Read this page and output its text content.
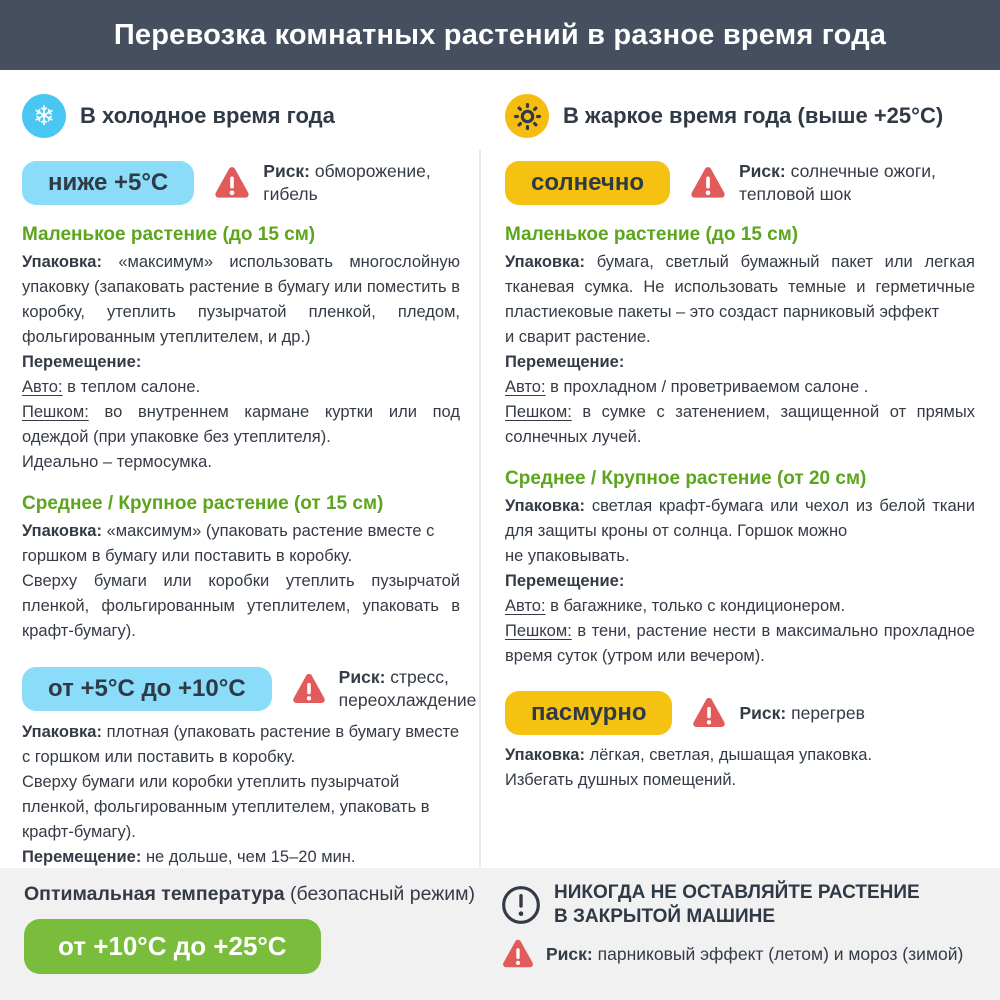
Перевозка комнатных растений в разное время года
❄ В холодное время года
ниже +5°C	Риск: обморожение, гибель
Маленькое растение (до 15 см)

Упаковка: «максимум» использовать многослойную упаковку (запаковать растение в бумагу или поместить в коробку, утеплить пузырчатой пленкой, пледом, фольгированным утеплителем, и др.)

Перемещение:

Авто: в теплом салоне.

Пешком: во внутреннем кармане куртки или под одеждой (при упаковке без утеплителя).

Идеально – термосумка.

Среднее / Крупное растение (от 15 см)

Упаковка: «максимум» (упаковать растение вместе с горшком в бумагу или поставить в коробку.

Сверху бумаги или коробки утеплить пузырчатой пленкой, фольгированным утеплителем, упаковать в крафт-бумагу).

от +5°C до +10°C	Риск: стресс,
переохлаждение

Упаковка: плотная (упаковать растение в бумагу вместе с горшком или поставить в коробку.

Сверху бумаги или коробки утеплить пузырчатой пленкой, фольгированным утеплителем, упаковать в крафт-бумагу).

Перемещение: не дольше, чем 15–20 мин.

В жаркое время года (выше +25°C)
солнечно	Риск: солнечные ожоги,
тепловой шок
Маленькое растение (до 15 см)

Упаковка: бумага, светлый бумажный пакет или легкая тканевая сумка. Не использовать темные и герметичные пластиековые пакеты – это создаст парниковый эффект

и сварит растение.

Перемещение:

Авто: в прохладном / проветриваемом салоне .

Пешком: в сумке с затенением, защищенной от прямых солнечных лучей.

Среднее / Крупное растение (от 20 см)

Упаковка: светлая крафт-бумага или чехол из белой ткани для защиты кроны от солнца. Горшок можно

не упаковывать.

Перемещение:

Авто: в багажнике, только с кондиционером.

Пешком: в тени, растение нести в максимально прохладное время суток (утром или вечером).

пасмурно	Риск: перегрев

Упаковка: лёгкая, светлая, дышащая упаковка.

Избегать душных помещений.

Оптимальная температура (безопасный режим)
от +10°C до +25°C
НИКОГДА НЕ ОСТАВЛЯЙТЕ РАСТЕНИЕ
В ЗАКРЫТОЙ МАШИНЕ
Риск: парниковый эффект (летом) и мороз (зимой)
